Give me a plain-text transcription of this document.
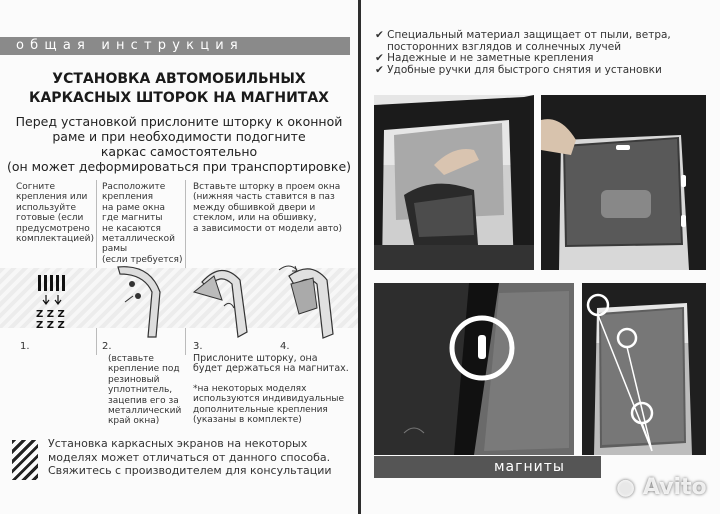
общая инструкция
УСТАНОВКА АВТОМОБИЛЬНЫХ
КАРКАСНЫХ ШТОРОК НА МАГНИТАХ
Перед установкой прислоните шторку к оконной
раме и при необходимости подогните
каркас самостоятельно
(он может деформироваться при транспортировке)
Согните
крепления или
используйте
готовые (если
предусмотрено
комплектацией)
Расположите
крепления
на раме окна
где магниты
не касаются
металлической
рамы
(если требуется)
Вставьте шторку в проем окна
(нижняя часть ставится в паз
между обшивкой двери и
стеклом, или на обшивку,
а зависимости от модели авто)
Z Z Z
Z Z Z
1.	2.	3.	4.
(вставьте
крепление под
резиновый
уплотнитель,
зацепив его за
металлический
край окна)
Прислоните шторку, она
будет держаться на магнитах.
*на некоторых моделях
используются индивидуальные
дополнительные крепления
(указаны в комплекте)
Установка каркасных экранов на некоторых
моделях может отличаться от данного способа.
Свяжитесь с производителем для консультации
✔ Специальный материал защищает от пыли, ветра,
посторонних взглядов и солнечных лучей
✔ Надежные и не заметные крепления
✔ Удобные ручки для быстрого снятия и установки
магниты
● Avito
